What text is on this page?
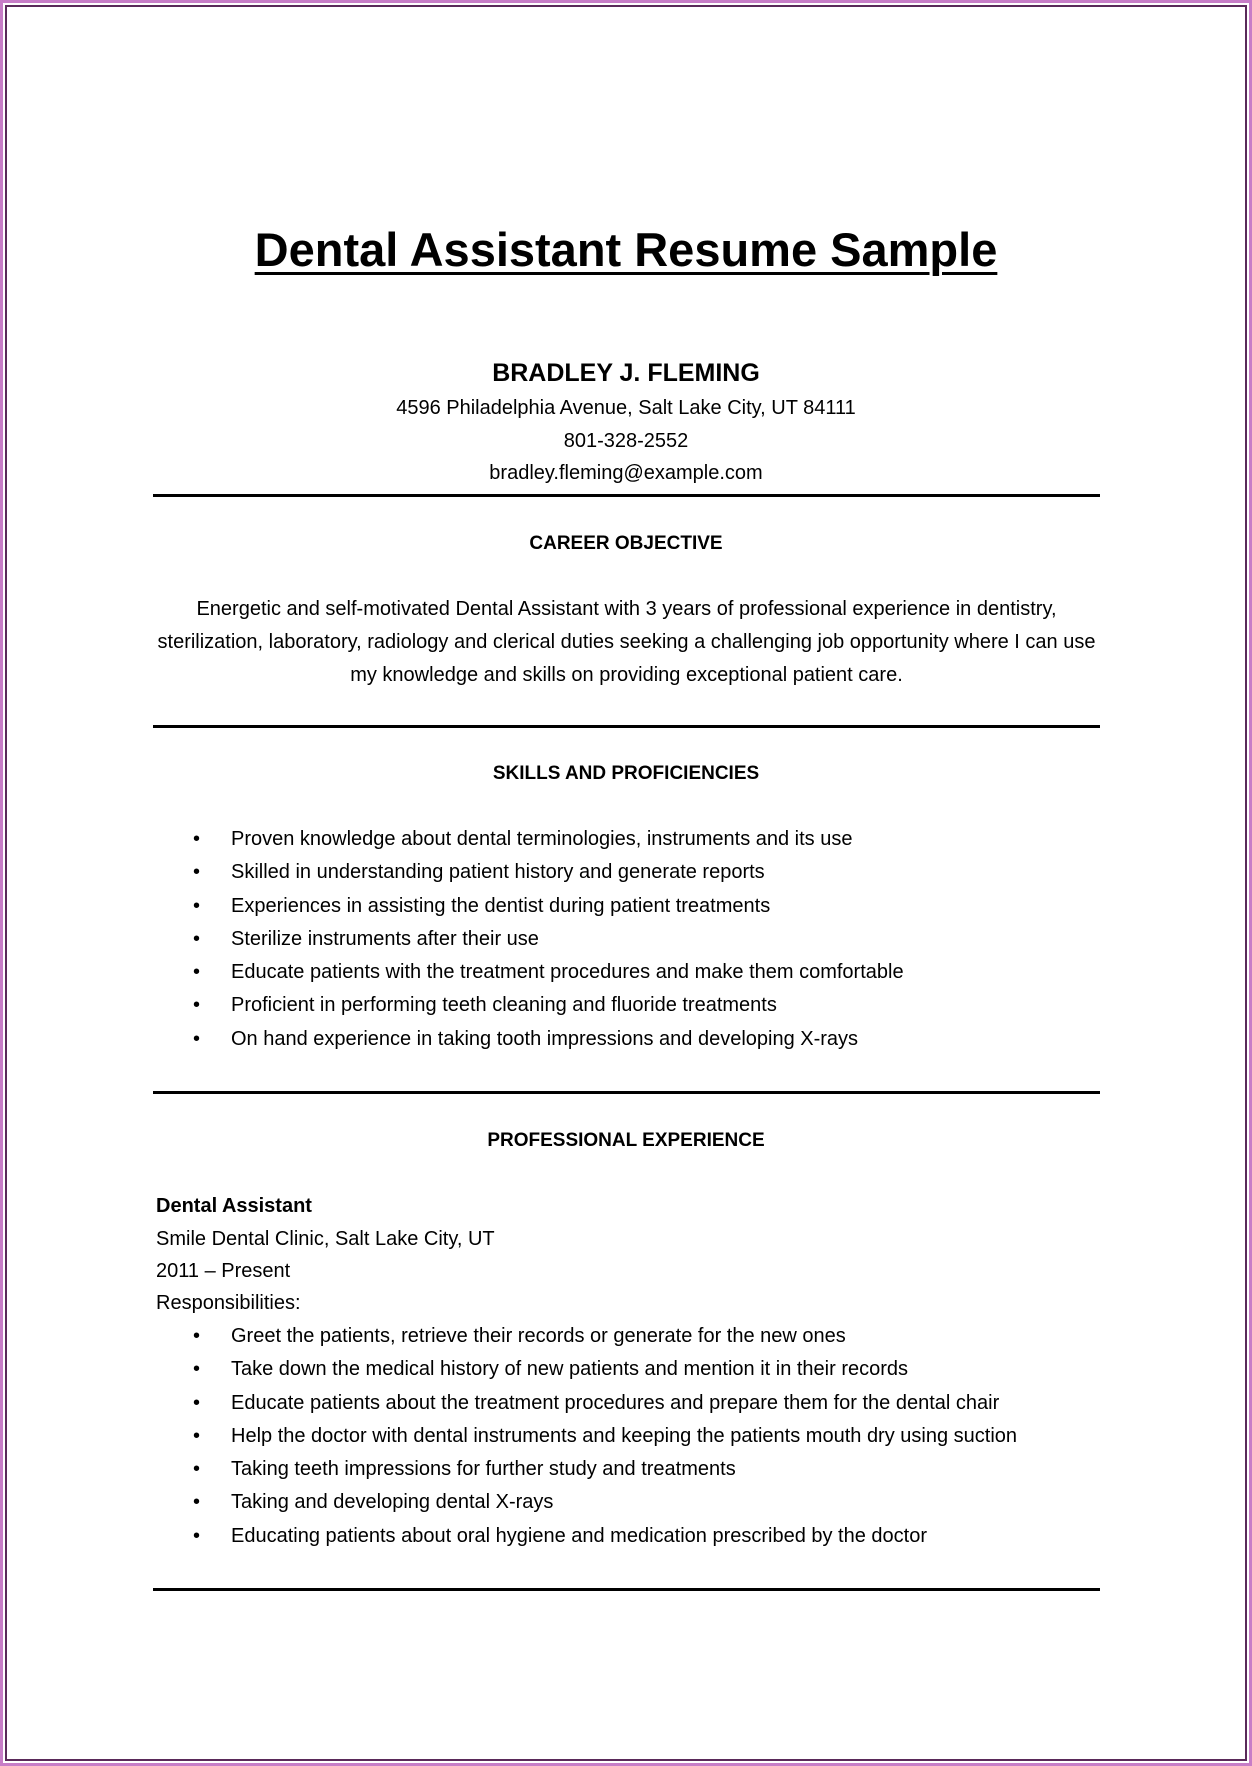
Dental Assistant Resume Sample
BRADLEY J. FLEMING
4596 Philadelphia Avenue, Salt Lake City, UT 84111
801-328-2552
bradley.fleming@example.com
CAREER OBJECTIVE
Energetic and self-motivated Dental Assistant with 3 years of professional experience in dentistry, sterilization, laboratory, radiology and clerical duties seeking a challenging job opportunity where I can use my knowledge and skills on providing exceptional patient care.
SKILLS AND PROFICIENCIES
• Proven knowledge about dental terminologies, instruments and its use
• Skilled in understanding patient history and generate reports
• Experiences in assisting the dentist during patient treatments
• Sterilize instruments after their use
• Educate patients with the treatment procedures and make them comfortable
• Proficient in performing teeth cleaning and fluoride treatments
• On hand experience in taking tooth impressions and developing X-rays
PROFESSIONAL EXPERIENCE
Dental Assistant
Smile Dental Clinic, Salt Lake City, UT
2011 – Present
Responsibilities:
• Greet the patients, retrieve their records or generate for the new ones
• Take down the medical history of new patients and mention it in their records
• Educate patients about the treatment procedures and prepare them for the dental chair
• Help the doctor with dental instruments and keeping the patients mouth dry using suction
• Taking teeth impressions for further study and treatments
• Taking and developing dental X-rays
• Educating patients about oral hygiene and medication prescribed by the doctor
